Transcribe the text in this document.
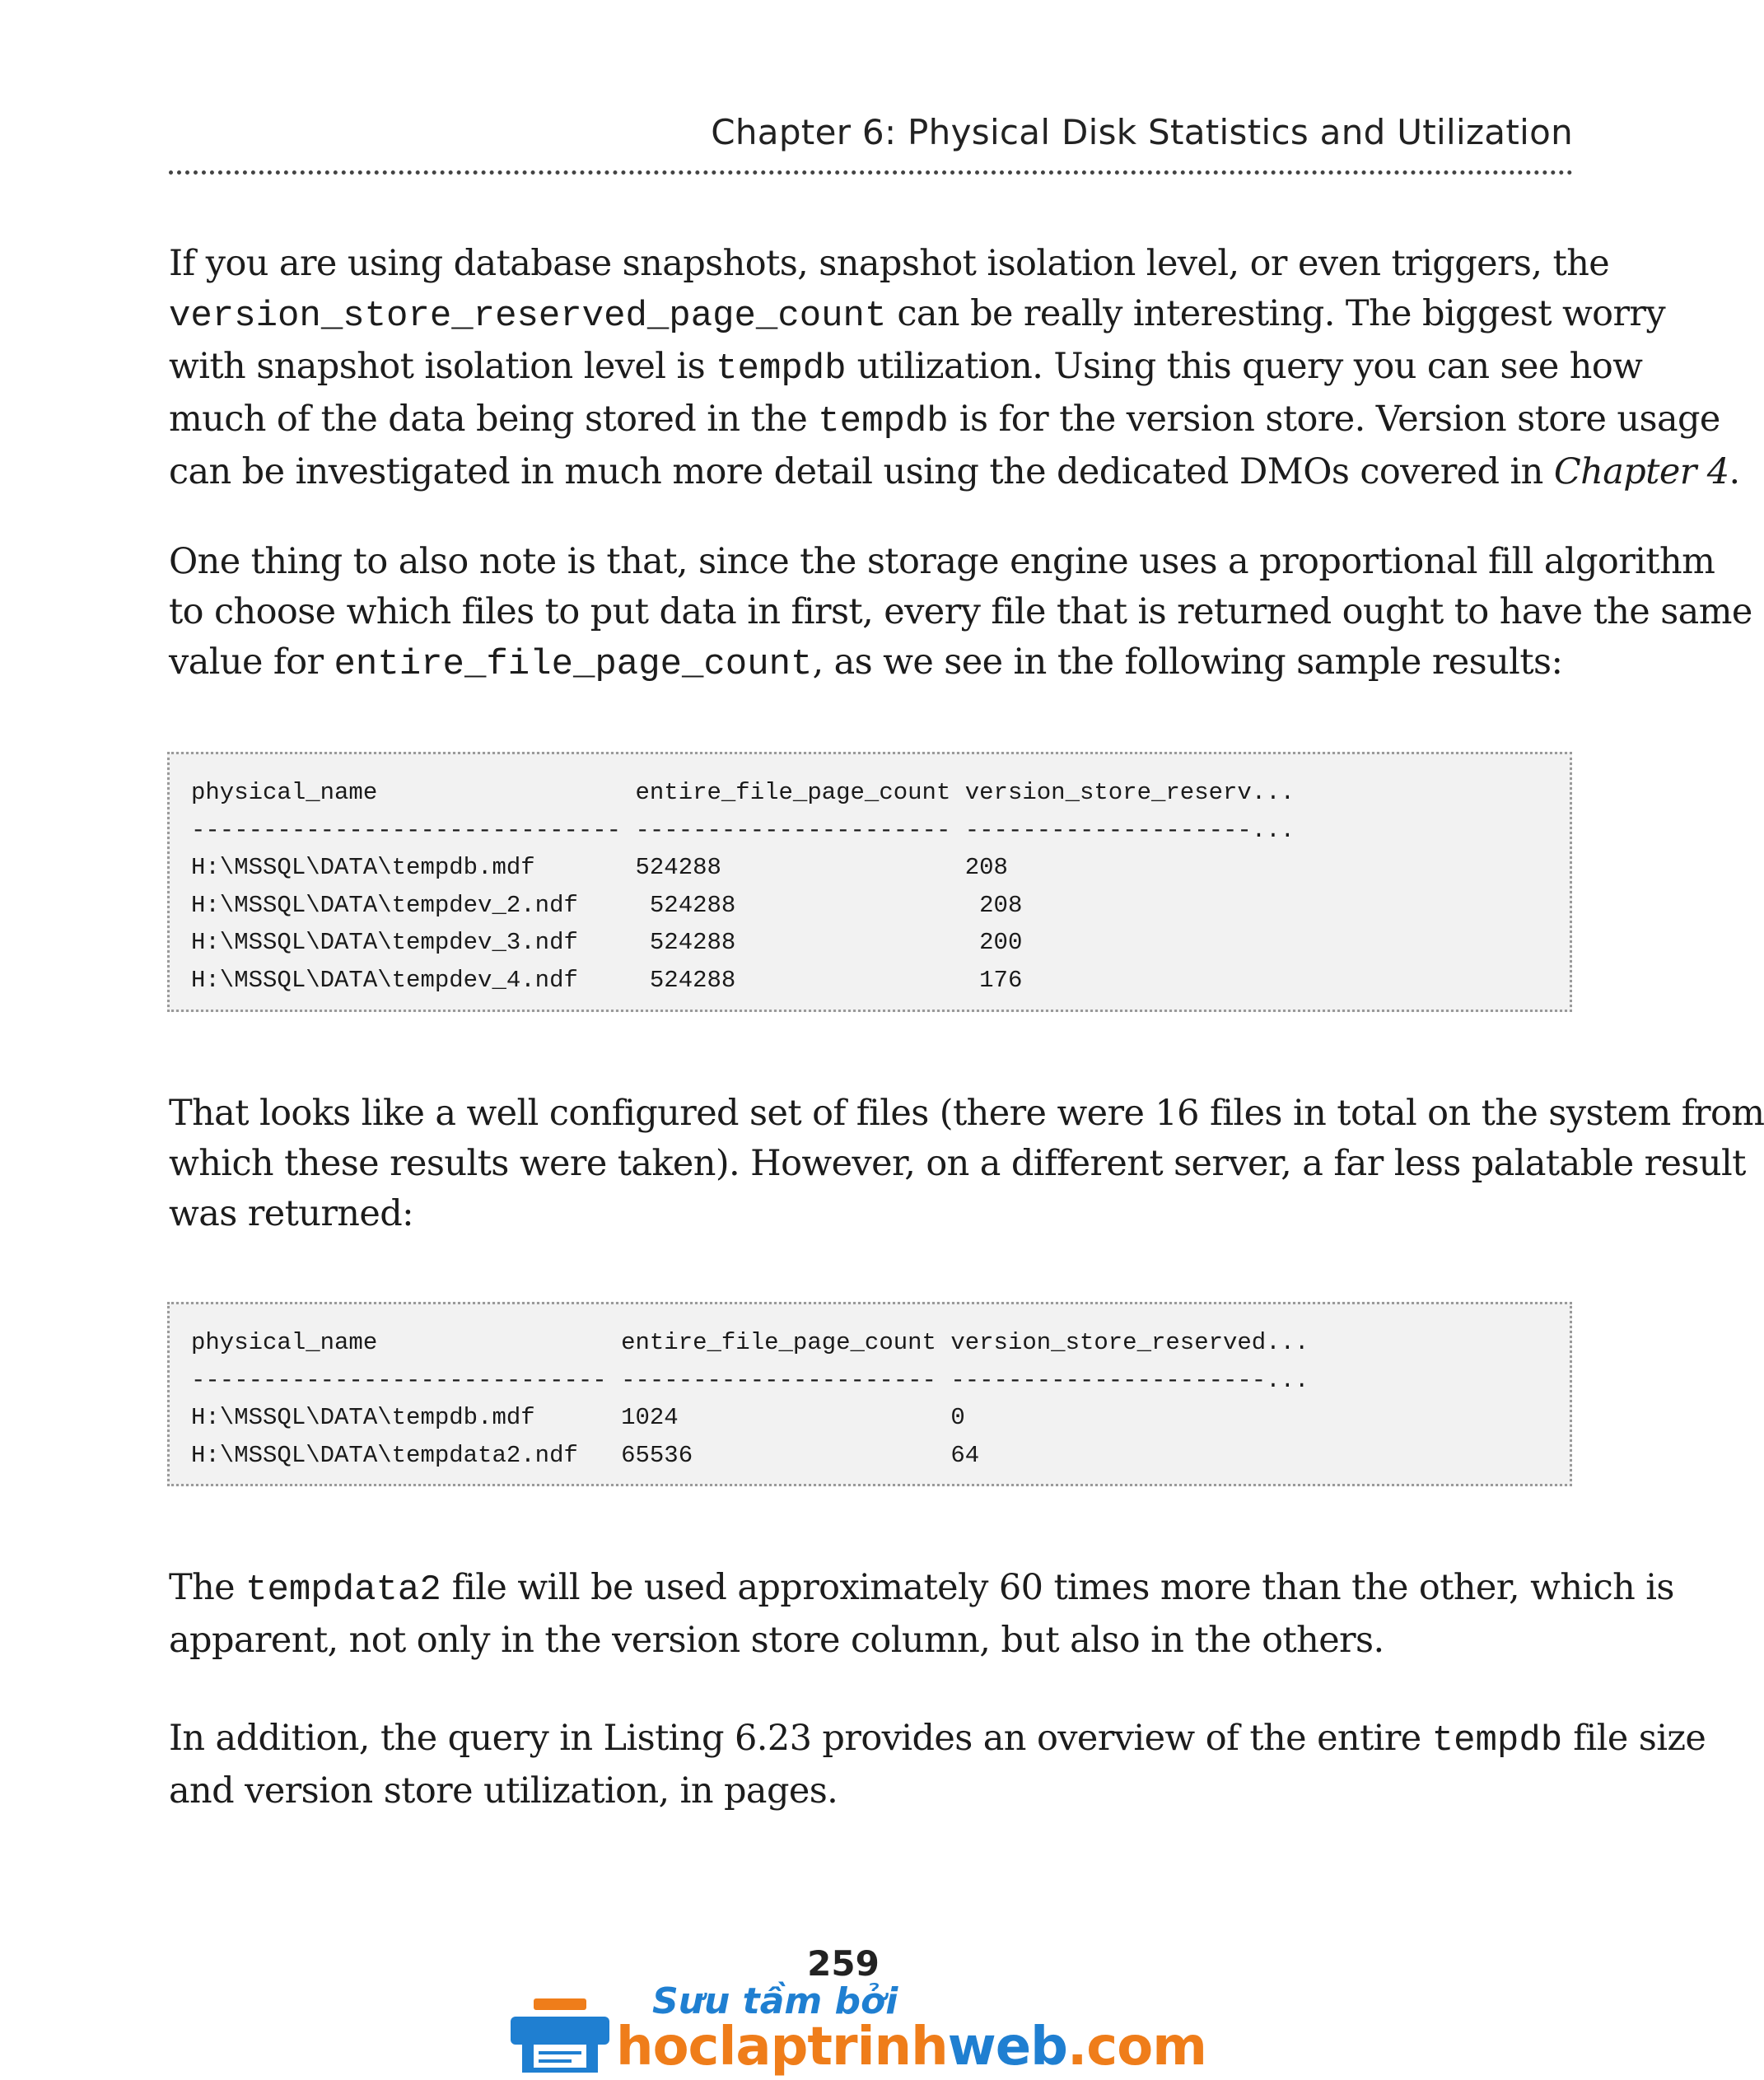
Chapter 6: Physical Disk Statistics and Utilization

If you are using database snapshots, snapshot isolation level, or even triggers, the
version_store_reserved_page_count can be really interesting. The biggest worry
with snapshot isolation level is tempdb utilization. Using this query you can see how
much of the data being stored in the tempdb is for the version store. Version store usage
can be investigated in much more detail using the dedicated DMOs covered in Chapter 4.

One thing to also note is that, since the storage engine uses a proportional fill algorithm
to choose which files to put data in first, every file that is returned ought to have the same
value for entire_file_page_count, as we see in the following sample results:

physical_name                  entire_file_page_count version_store_reserv...
------------------------------ ---------------------- --------------------...
H:\MSSQL\DATA\tempdb.mdf       524288                 208
H:\MSSQL\DATA\tempdev_2.ndf     524288                 208
H:\MSSQL\DATA\tempdev_3.ndf     524288                 200
H:\MSSQL\DATA\tempdev_4.ndf     524288                 176

That looks like a well configured set of files (there were 16 files in total on the system from
which these results were taken). However, on a different server, a far less palatable result
was returned:

physical_name                 entire_file_page_count version_store_reserved...
----------------------------- ---------------------- ----------------------...
H:\MSSQL\DATA\tempdb.mdf      1024                   0
H:\MSSQL\DATA\tempdata2.ndf   65536                  64

The tempdata2 file will be used approximately 60 times more than the other, which is
apparent, not only in the version store column, but also in the others.

In addition, the query in Listing 6.23 provides an overview of the entire tempdb file size
and version store utilization, in pages.

259
Sưu tầm bởi
hoclaptrinhweb.com
